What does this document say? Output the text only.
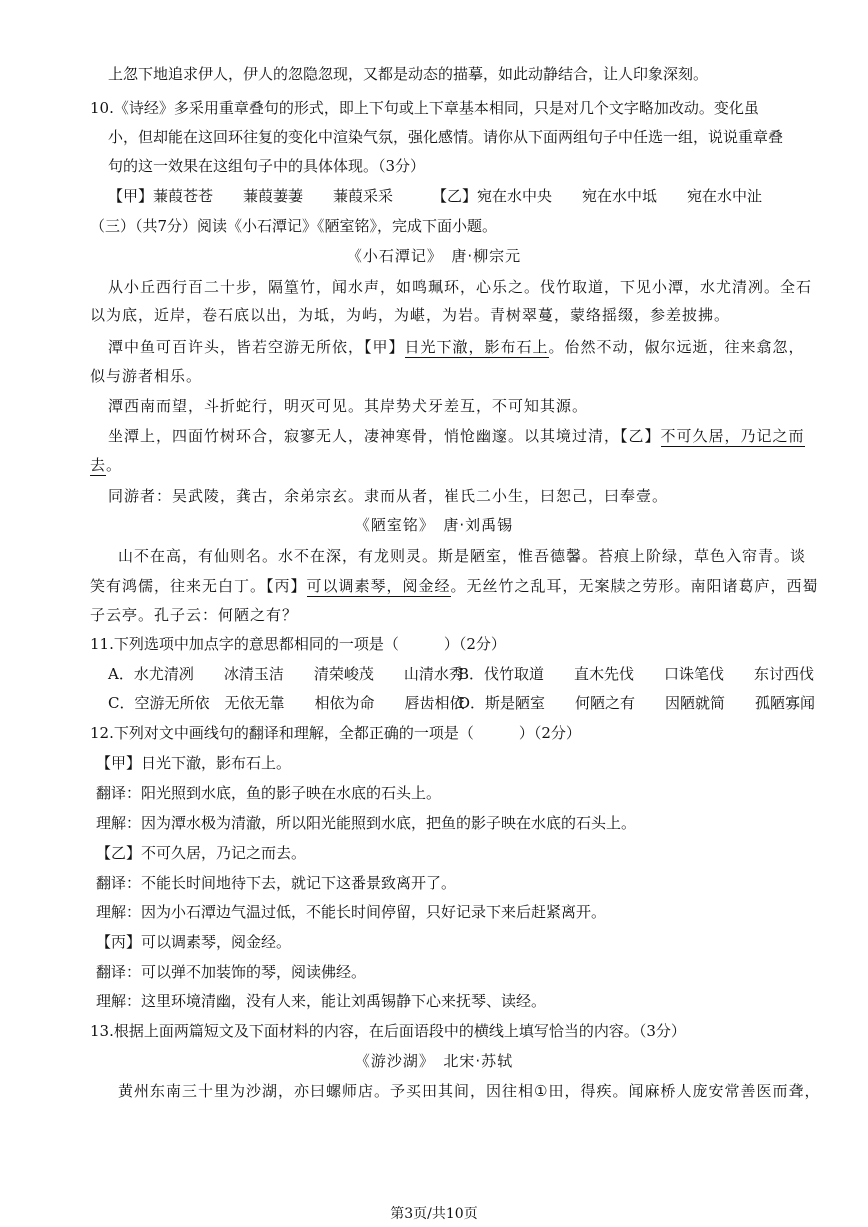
上忽下地追求伊人，伊人的忽隐忽现，又都是动态的描摹，如此动静结合，让人印象深刻。
10.《诗经》多采用重章叠句的形式，即上下句或上下章基本相同，只是对几个文字略加改动。变化虽
小，但却能在这回环往复的变化中渲染气氛，强化感情。请你从下面两组句子中任选一组，说说重章叠
句的这一效果在这组句子中的具体体现。（3分）
【甲】蒹葭苍苍　　蒹葭萋萋　　蒹葭采采	【乙】宛在水中央　　宛在水中坻　　宛在水中沚
（三）（共7分）阅读《小石潭记》《陋室铭》，完成下面小题。
《小石潭记》　唐·柳宗元
从小丘西行百二十步，隔篁竹，闻水声，如鸣珮环，心乐之。伐竹取道，下见小潭，水尤清冽。全石
以为底，近岸，卷石底以出，为坻，为屿，为嵁，为岩。青树翠蔓，蒙络摇缀，参差披拂。
潭中鱼可百许头，皆若空游无所依，【甲】日光下澈，影布石上。佁然不动，俶尔远逝，往来翕忽，
似与游者相乐。
潭西南而望，斗折蛇行，明灭可见。其岸势犬牙差互，不可知其源。
坐潭上，四面竹树环合，寂寥无人，凄神寒骨，悄怆幽邃。以其境过清，【乙】不可久居，乃记之而
去。
同游者：吴武陵，龚古，余弟宗玄。隶而从者，崔氏二小生，曰恕己，曰奉壹。
《陋室铭》　唐·刘禹锡
山不在高，有仙则名。水不在深，有龙则灵。斯是陋室，惟吾德馨。苔痕上阶绿，草色入帘青。谈
笑有鸿儒，往来无白丁。【丙】可以调素琴，阅金经。无丝竹之乱耳，无案牍之劳形。南阳诸葛庐，西蜀
子云亭。孔子云：何陋之有？
11.下列选项中加点字的意思都相同的一项是（　　　）（2分）
A．水尤清冽　　冰清玉洁　　清荣峻茂　　山清水秀
B．伐竹取道　　直木先伐　　口诛笔伐　　东讨西伐
C．空游无所依　无依无靠　　相依为命　　唇齿相依
D．斯是陋室　　何陋之有　　因陋就简　　孤陋寡闻
12.下列对文中画线句的翻译和理解，全都正确的一项是（　　　）（2分）
【甲】日光下澈，影布石上。
翻译：阳光照到水底，鱼的影子映在水底的石头上。
理解：因为潭水极为清澈，所以阳光能照到水底，把鱼的影子映在水底的石头上。
【乙】不可久居，乃记之而去。
翻译：不能长时间地待下去，就记下这番景致离开了。
理解：因为小石潭边气温过低，不能长时间停留，只好记录下来后赶紧离开。
【丙】可以调素琴，阅金经。
翻译：可以弹不加装饰的琴，阅读佛经。
理解：这里环境清幽，没有人来，能让刘禹锡静下心来抚琴、读经。
13.根据上面两篇短文及下面材料的内容，在后面语段中的横线上填写恰当的内容。（3分）
《游沙湖》　北宋·苏轼
黄州东南三十里为沙湖，亦曰螺师店。予买田其间，因往相①田，得疾。闻麻桥人庞安常善医而聋，
第3页/共10页
